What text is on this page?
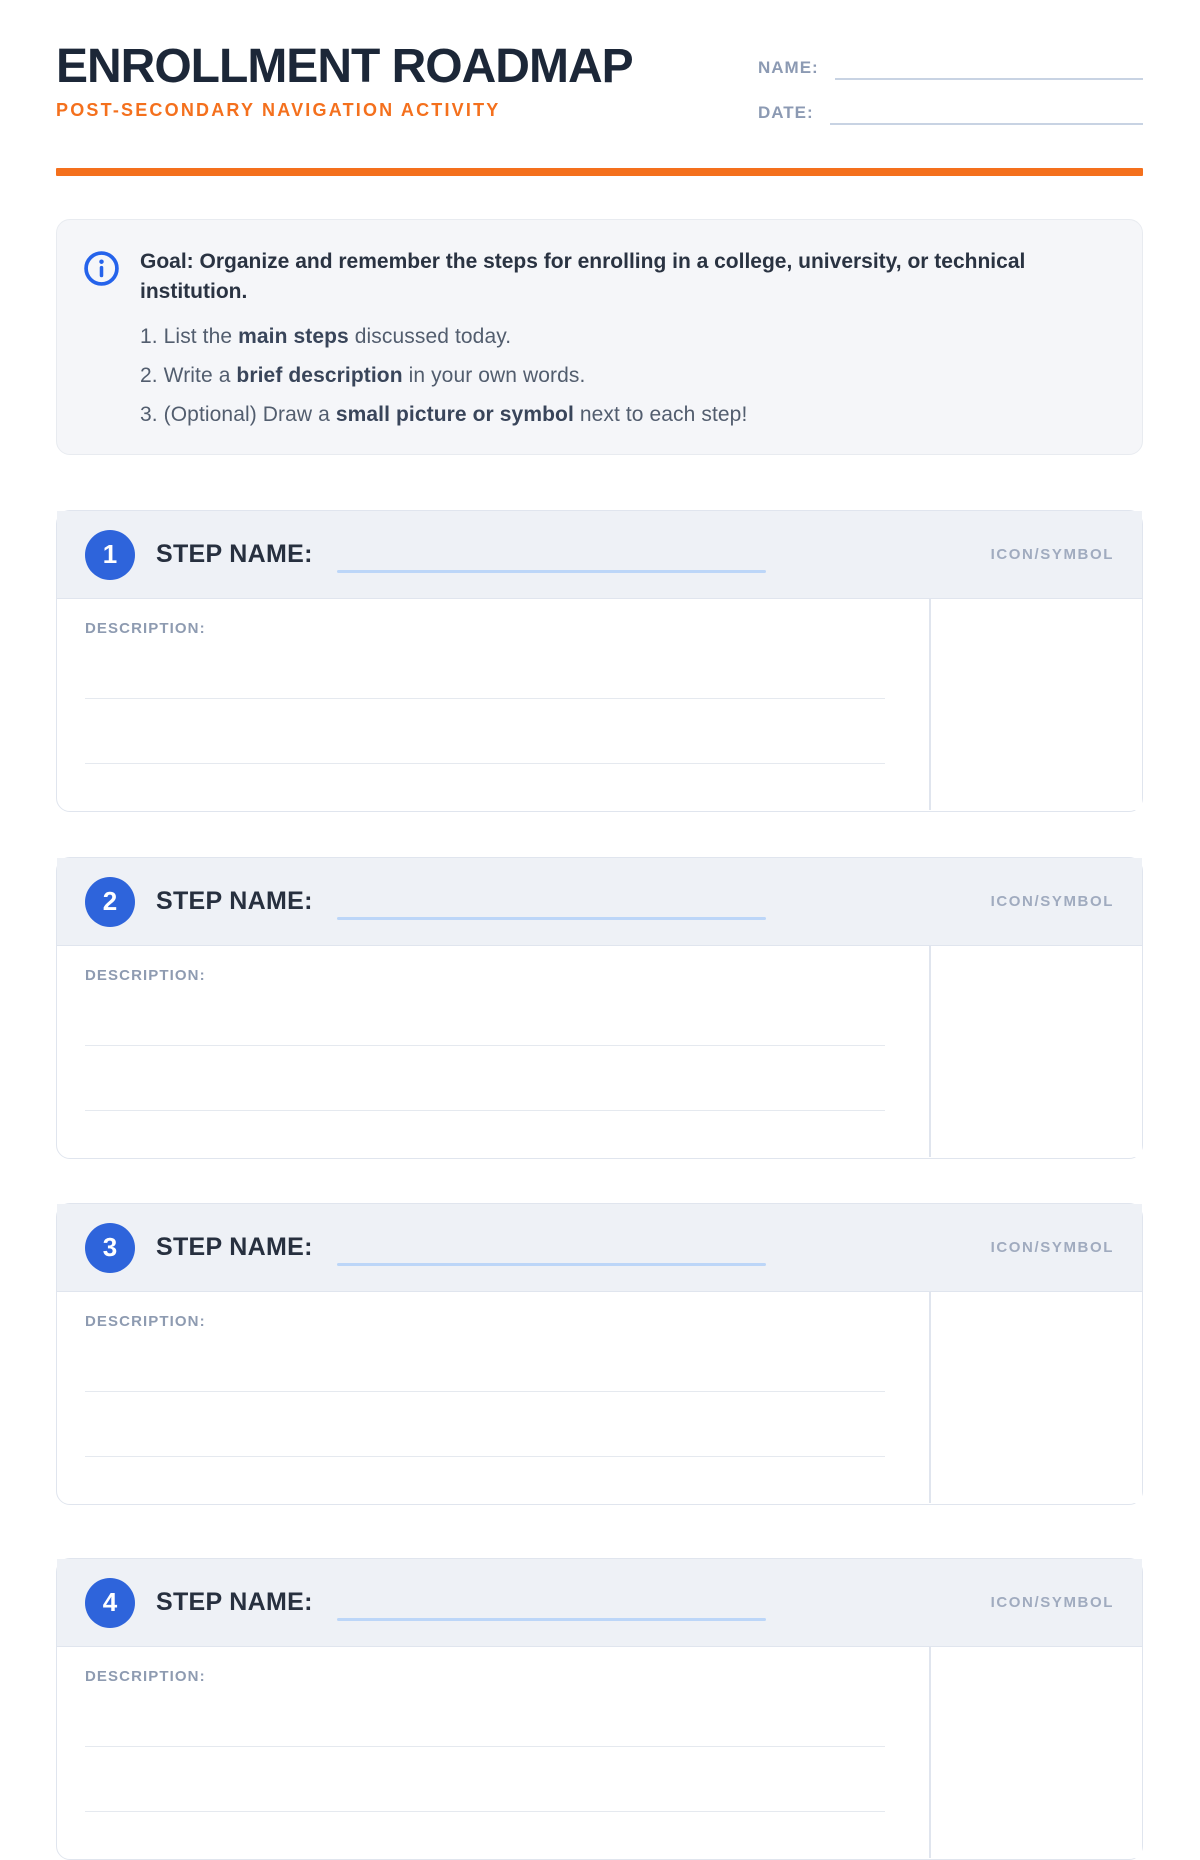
ENROLLMENT ROADMAP
POST-SECONDARY NAVIGATION ACTIVITY
NAME:
DATE:
Goal: Organize and remember the steps for enrolling in a college, university, or technical institution.
1. List the main steps discussed today.
2. Write a brief description in your own words.
3. (Optional) Draw a small picture or symbol next to each step!
1	STEP NAME:	ICON/SYMBOL
DESCRIPTION:
2	STEP NAME:	ICON/SYMBOL
DESCRIPTION:
3	STEP NAME:	ICON/SYMBOL
DESCRIPTION:
4	STEP NAME:	ICON/SYMBOL
DESCRIPTION:
